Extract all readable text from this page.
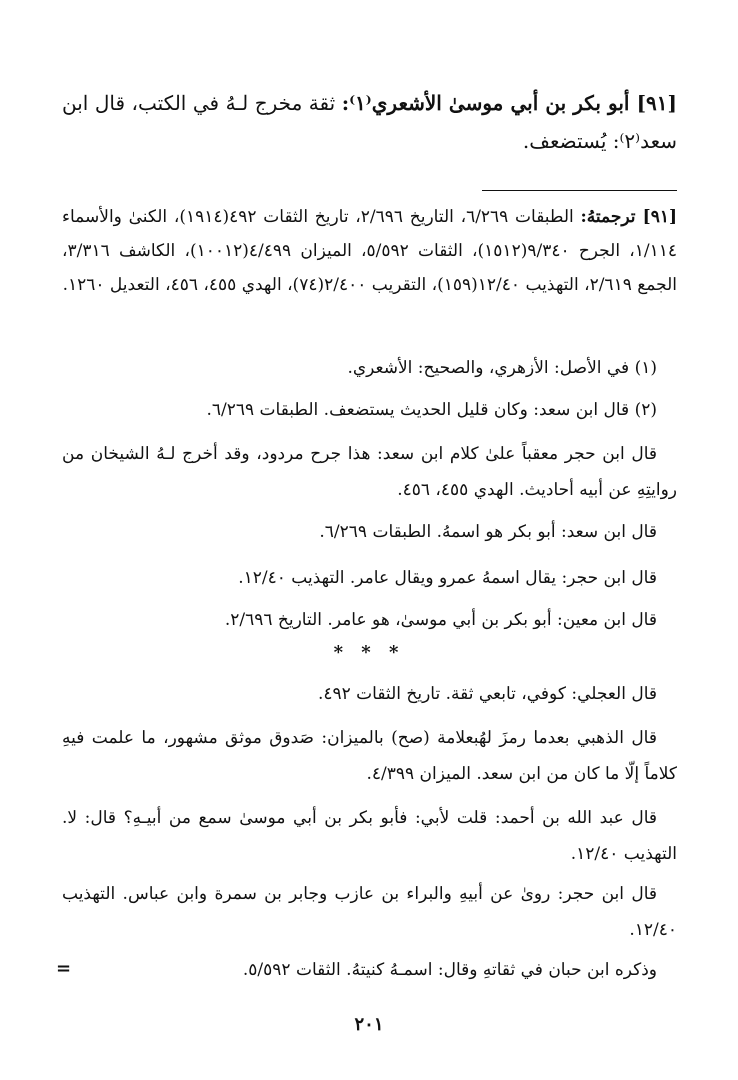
[٩١] أبو بكر بن أبي موسىٰ الأشعري⁽١⁾: ثقة مخرج لـهُ في الكتب، قال ابن سعد⁽٢⁾: يُستضعف.
[٩١] ترجمتهُ: الطبقات ٦/٢٦٩، التاريخ ٢/٦٩٦، تاريخ الثقات ٤٩٢(١٩١٤)، الكنىٰ والأسماء ١/١١٤، الجرح ٩/٣٤٠(١٥١٢)، الثقات ٥/٥٩٢، الميزان ٤/٤٩٩(١٠٠١٢)، الكاشف ٣/٣١٦، الجمع ٢/٦١٩، التهذيب ١٢/٤٠(١٥٩)، التقريب ٢/٤٠٠(٧٤)، الهدي ٤٥٥، ٤٥٦، التعديل ١٢٦٠.
(١) في الأصل: الأزهري، والصحيح: الأشعري.
(٢) قال ابن سعد: وكان قليل الحديث يستضعف. الطبقات ٦/٢٦٩.
قال ابن حجر معقباً علىٰ كلام ابن سعد: هذا جرح مردود، وقد أخرج لـهُ الشيخان من روايتِهِ عن أبيه أحاديث. الهدي ٤٥٥، ٤٥٦.
قال ابن سعد: أبو بكر هو اسمهُ. الطبقات ٦/٢٦٩.
قال ابن حجر: يقال اسمهُ عمرو ويقال عامر. التهذيب ١٢/٤٠.
قال ابن معين: أبو بكر بن أبي موسىٰ، هو عامر. التاريخ ٢/٦٩٦.
* * *
قال العجلي: كوفي، تابعي ثقة. تاريخ الثقات ٤٩٢.
قال الذهبي بعدما رمزَ لهُبعلامة (صح) بالميزان: صَدوق موثق مشهور، ما علمت فيهِ كلاماً إلّا ما كان من ابن سعد. الميزان ٤/٣٩٩.
قال عبد الله بن أحمد: قلت لأبي: فأبو بكر بن أبي موسىٰ سمع من أبيـهِ؟ قال: لا. التهذيب ١٢/٤٠.
قال ابن حجر: روىٰ عن أبيهِ والبراء بن عازب وجابر بن سمرة وابن عباس. التهذيب ١٢/٤٠.
وذكره ابن حبان في ثقاتهِ وقال: اسمـهُ كنيتهُ. الثقات ٥/٥٩٢.
=
٢٠١
